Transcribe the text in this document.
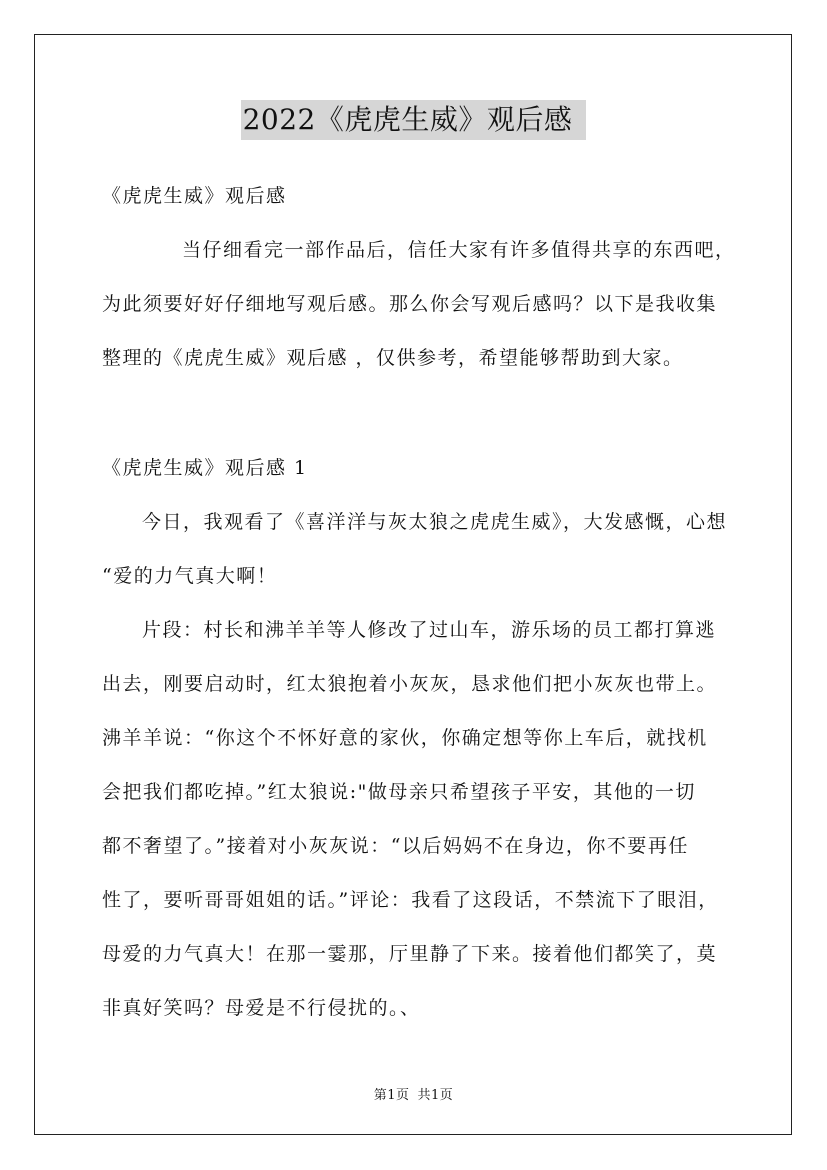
2022《虎虎生威》观后感
《虎虎生威》观后感
当仔细看完一部作品后，信任大家有许多值得共享的东西吧，
为此须要好好仔细地写观后感。那么你会写观后感吗？以下是我收集
整理的《虎虎生威》观后感 ，仅供参考，希望能够帮助到大家。
《虎虎生威》观后感 1
今日，我观看了《喜洋洋与灰太狼之虎虎生威》，大发感慨，心想
“爱的力气真大啊！
片段：村长和沸羊羊等人修改了过山车，游乐场的员工都打算逃
出去，刚要启动时，红太狼抱着小灰灰，恳求他们把小灰灰也带上。
沸羊羊说：“你这个不怀好意的家伙，你确定想等你上车后，就找机
会把我们都吃掉。”红太狼说:"做母亲只希望孩子平安，其他的一切
都不奢望了。”接着对小灰灰说：“以后妈妈不在身边，你不要再任
性了，要听哥哥姐姐的话。”评论：我看了这段话，不禁流下了眼泪，
母爱的力气真大！在那一霎那，厅里静了下来。接着他们都笑了，莫
非真好笑吗？母爱是不行侵扰的。、
第1页 共1页
